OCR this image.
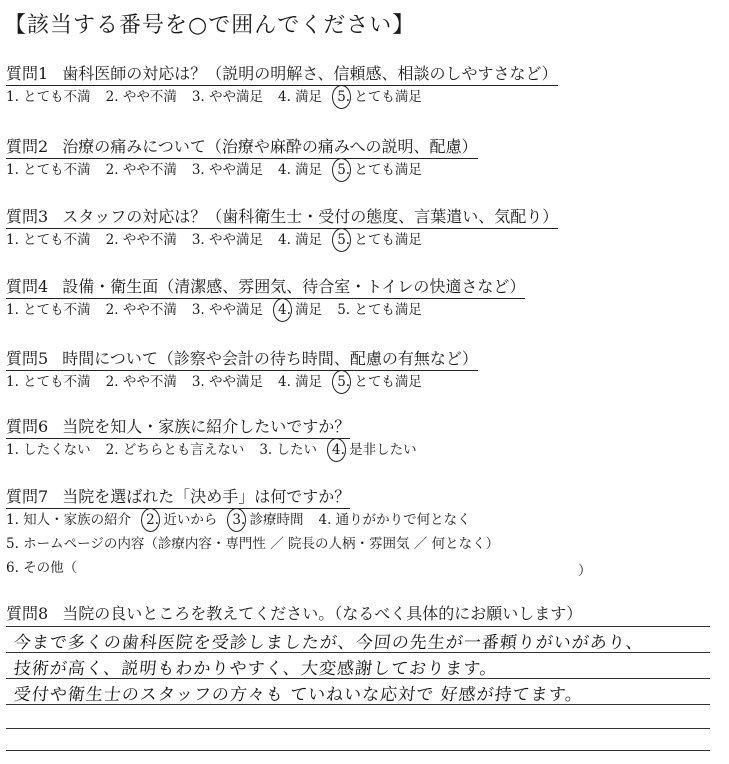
【該当する番号を○で囲んでください】
質問1 歯科医師の対応は？（説明の明解さ、信頼感、相談のしやすさなど）
1. とても不満 2. やや不満 3. やや満足 4. 満足 5. とても満足
質問2 治療の痛みについて（治療や麻酔の痛みへの説明、配慮）
1. とても不満 2. やや不満 3. やや満足 4. 満足 5. とても満足
質問3 スタッフの対応は？（歯科衛生士・受付の態度、言葉遣い、気配り）
1. とても不満 2. やや不満 3. やや満足 4. 満足 5. とても満足
質問4 設備・衛生面（清潔感、雰囲気、待合室・トイレの快適さなど）
1. とても不満 2. やや不満 3. やや満足 4. 満足 5. とても満足
質問5 時間について（診察や会計の待ち時間、配慮の有無など）
1. とても不満 2. やや不満 3. やや満足 4. 満足 5. とても満足
質問6 当院を知人・家族に紹介したいですか？
1. したくない 2. どちらとも言えない 3. したい 4. 是非したい
質問7 当院を選ばれた「決め手」は何ですか？
1. 知人・家族の紹介 2. 近いから 3. 診療時間 4. 通りがかりで何となく
5. ホームページの内容（診療内容・専門性 ／ 院長の人柄・雰囲気 ／ 何となく）
6. その他（	）
質問8 当院の良いところを教えてください。（なるべく具体的にお願いします）
今まで多くの歯科医院を受診しましたが、今回の先生が一番頼りがいがあり、
技術が高く、説明もわかりやすく、大変感謝しております。
受付や衛生士のスタッフの方々も ていねいな応対で 好感が持てます。
